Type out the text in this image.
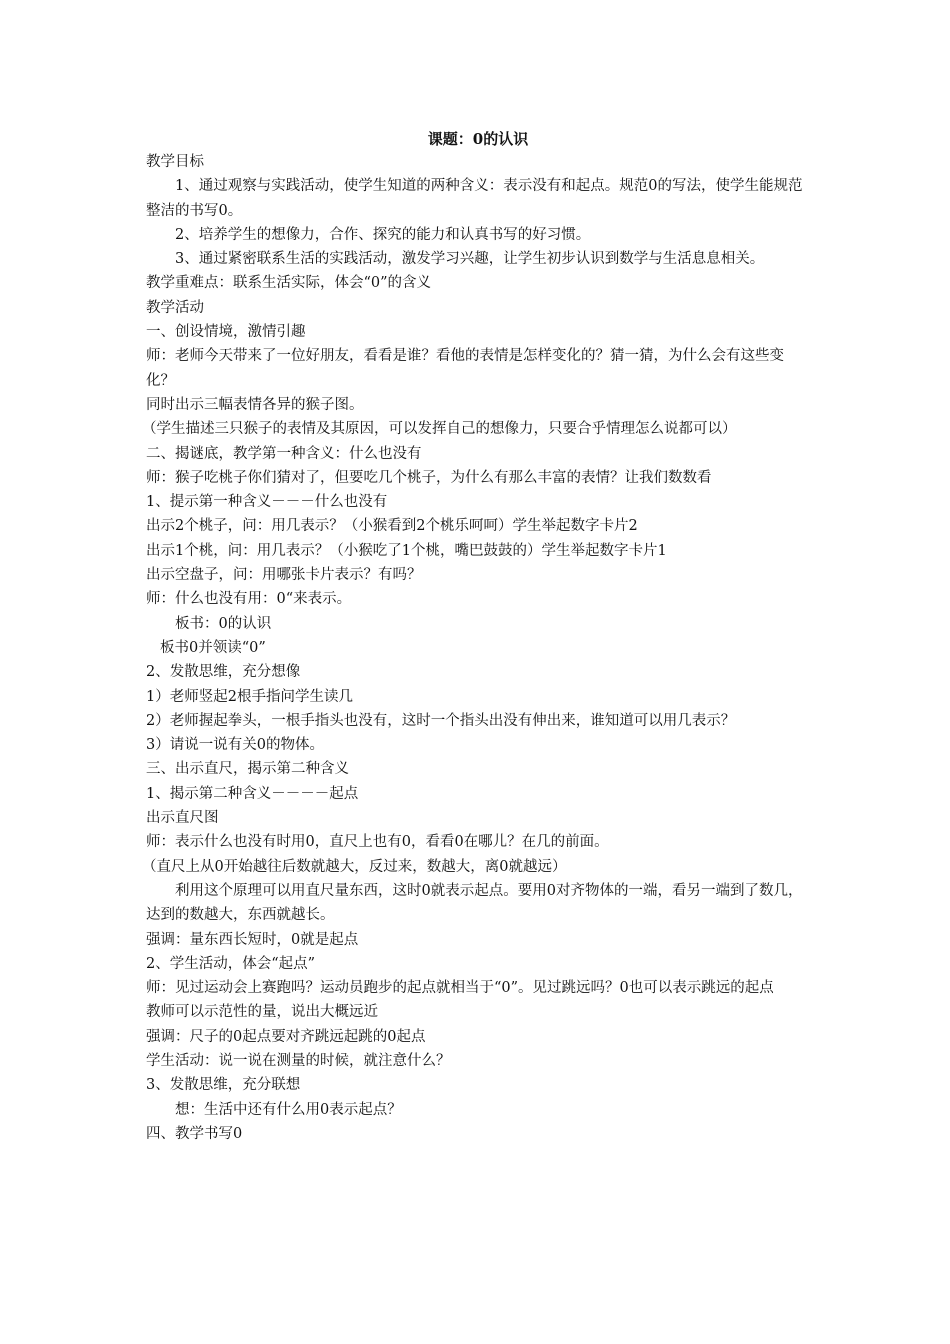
课题：0的认识

教学目标

1、通过观察与实践活动，使学生知道的两种含义：表示没有和起点。规范0的写法，使学生能规范整洁的书写0。

2、培养学生的想像力，合作、探究的能力和认真书写的好习惯。

3、通过紧密联系生活的实践活动，激发学习兴趣，让学生初步认识到数学与生活息息相关。

教学重难点：联系生活实际，体会“0”的含义

教学活动

一、创设情境，激情引趣

师：老师今天带来了一位好朋友，看看是谁？看他的表情是怎样变化的？猜一猜，为什么会有这些变化？

同时出示三幅表情各异的猴子图。

（学生描述三只猴子的表情及其原因，可以发挥自己的想像力，只要合乎情理怎么说都可以）

二、揭谜底，教学第一种含义：什么也没有

师：猴子吃桃子你们猜对了，但要吃几个桃子，为什么有那么丰富的表情？让我们数数看

1、提示第一种含义－－－什么也没有

出示2个桃子，问：用几表示？（小猴看到2个桃乐呵呵）学生举起数字卡片2

出示1个桃，问：用几表示？（小猴吃了1个桃，嘴巴鼓鼓的）学生举起数字卡片1

出示空盘子，问：用哪张卡片表示？有吗？

师：什么也没有用：0“来表示。

板书：0的认识

板书0并领读“0”

2、发散思维，充分想像

1）老师竖起2根手指问学生读几

2）老师握起拳头，一根手指头也没有，这时一个指头出没有伸出来，谁知道可以用几表示？

3）请说一说有关0的物体。

三、出示直尺，揭示第二种含义

1、揭示第二种含义－－－－起点

出示直尺图

师：表示什么也没有时用0，直尺上也有0，看看0在哪儿？在几的前面。

（直尺上从0开始越往后数就越大，反过来，数越大，离0就越远）

利用这个原理可以用直尺量东西，这时0就表示起点。要用0对齐物体的一端，看另一端到了数几，达到的数越大，东西就越长。

强调：量东西长短时，0就是起点

2、学生活动，体会“起点”

师：见过运动会上赛跑吗？运动员跑步的起点就相当于“0”。见过跳远吗？0也可以表示跳远的起点

教师可以示范性的量，说出大概远近

强调：尺子的0起点要对齐跳远起跳的0起点

学生活动：说一说在测量的时候，就注意什么？

3、发散思维，充分联想

想：生活中还有什么用0表示起点？

四、教学书写0
